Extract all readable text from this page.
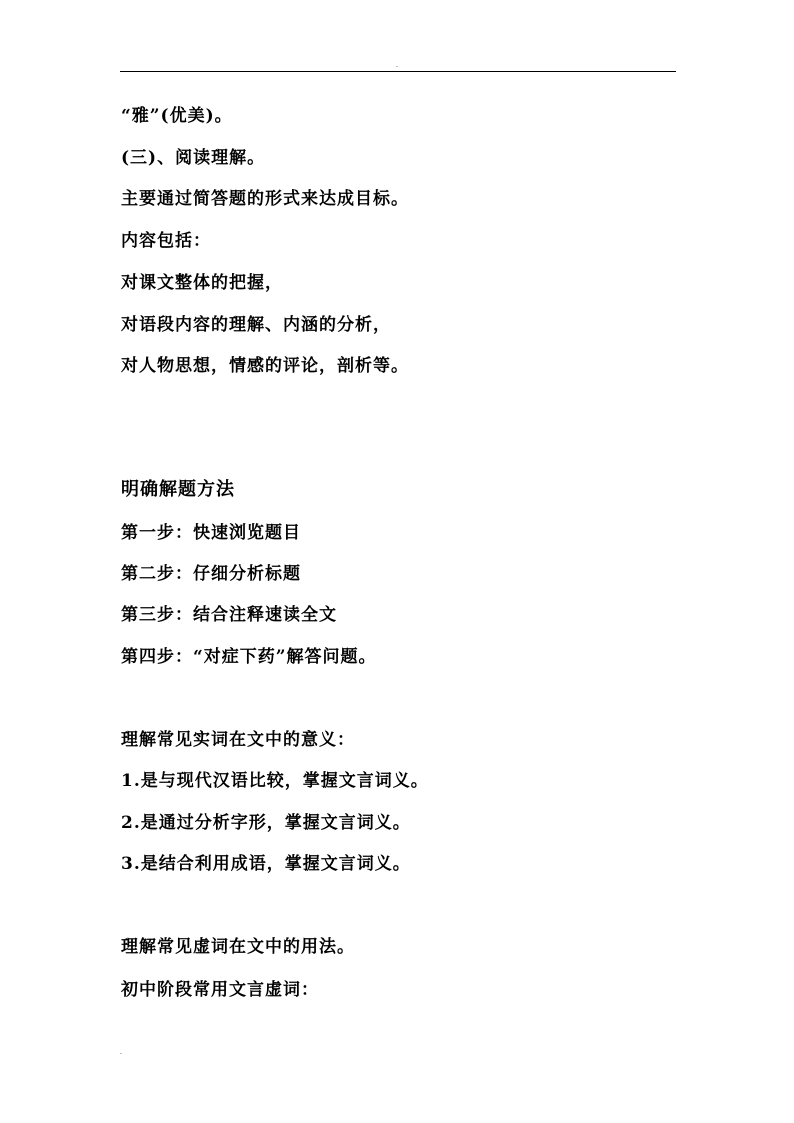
.
“雅”(优美)。
(三)、阅读理解。
主要通过简答题的形式来达成目标。
内容包括：
对课文整体的把握，
对语段内容的理解、内涵的分析，
对人物思想，情感的评论，剖析等。
明确解题方法
第一步：快速浏览题目
第二步：仔细分析标题
第三步：结合注释速读全文
第四步：“对症下药”解答问题。
理解常见实词在文中的意义：
1.是与现代汉语比较，掌握文言词义。
2.是通过分析字形，掌握文言词义。
3.是结合利用成语，掌握文言词义。
理解常见虚词在文中的用法。
初中阶段常用文言虚词：
.
